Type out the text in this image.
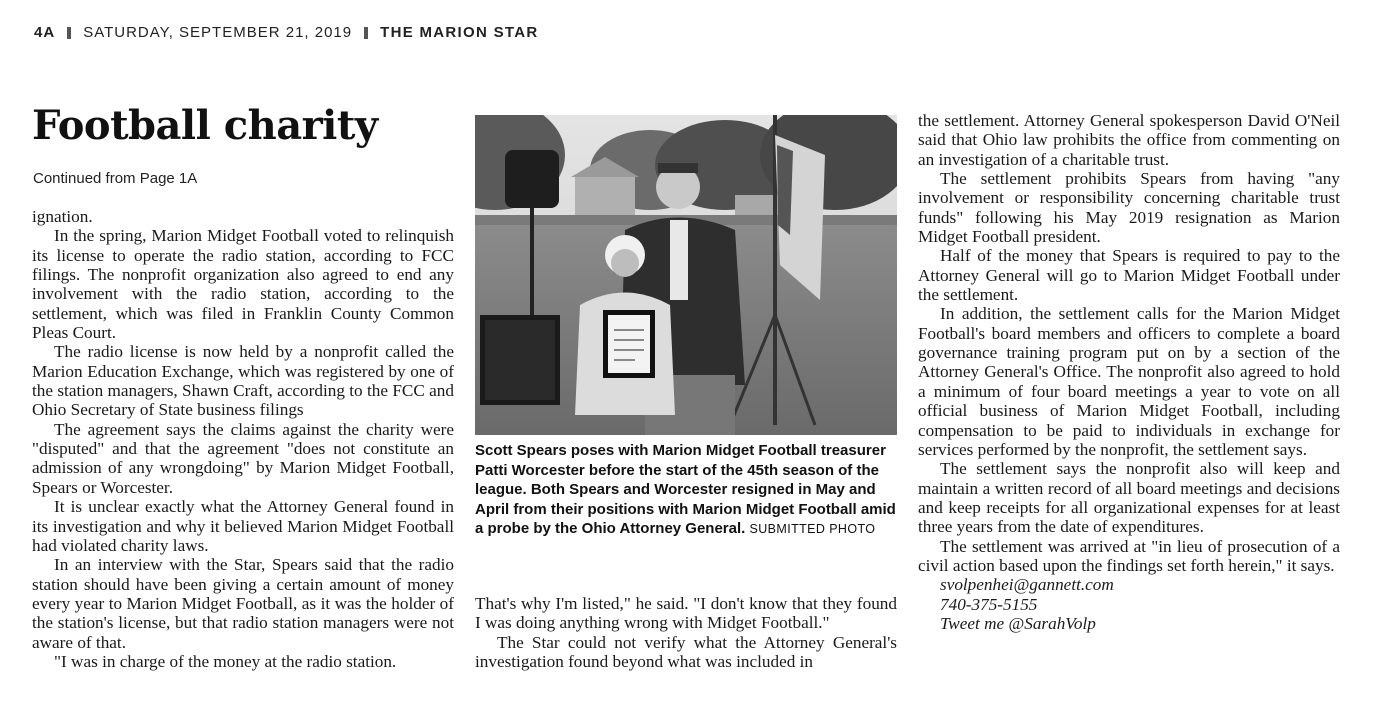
4A SATURDAY, SEPTEMBER 21, 2019 THE MARION STAR
Football charity
Continued from Page 1A

ignation.

In the spring, Marion Midget Football voted to relinquish its license to operate the radio station, according to FCC filings. The nonprofit organization also agreed to end any involvement with the radio station, according to the settlement, which was filed in Franklin County Common Pleas Court.

The radio license is now held by a nonprofit called the Marion Education Exchange, which was registered by one of the station managers, Shawn Craft, according to the FCC and Ohio Secretary of State business filings

The agreement says the claims against the charity were "disputed" and that the agreement "does not constitute an admission of any wrongdoing" by Marion Midget Football, Spears or Worcester.

It is unclear exactly what the Attorney General found in its investigation and why it believed Marion Midget Football had violated charity laws.

In an interview with the Star, Spears said that the radio station should have been giving a certain amount of money every year to Marion Midget Football, as it was the holder of the station's license, but that radio station managers were not aware of that.

"I was in charge of the money at the radio station.

Scott Spears poses with Marion Midget Football treasurer Patti Worcester before the start of the 45th season of the league. Both Spears and Worcester resigned in May and April from their positions with Marion Midget Football amid a probe by the Ohio Attorney General. SUBMITTED PHOTO

That's why I'm listed," he said. "I don't know that they found I was doing anything wrong with Midget Football."

The Star could not verify what the Attorney General's investigation found beyond what was included in

the settlement. Attorney General spokesperson David O'Neil said that Ohio law prohibits the office from commenting on an investigation of a charitable trust.

The settlement prohibits Spears from having "any involvement or responsibility concerning charitable trust funds" following his May 2019 resignation as Marion Midget Football president.

Half of the money that Spears is required to pay to the Attorney General will go to Marion Midget Football under the settlement.

In addition, the settlement calls for the Marion Midget Football's board members and officers to complete a board governance training program put on by a section of the Attorney General's Office. The nonprofit also agreed to hold a minimum of four board meetings a year to vote on all official business of Marion Midget Football, including compensation to be paid to individuals in exchange for services performed by the nonprofit, the settlement says.

The settlement says the nonprofit also will keep and maintain a written record of all board meetings and decisions and keep receipts for all organizational expenses for at least three years from the date of expenditures.

The settlement was arrived at "in lieu of prosecution of a civil action based upon the findings set forth herein," it says.

svolpenhei@gannett.com

740-375-5155

Tweet me @SarahVolp
